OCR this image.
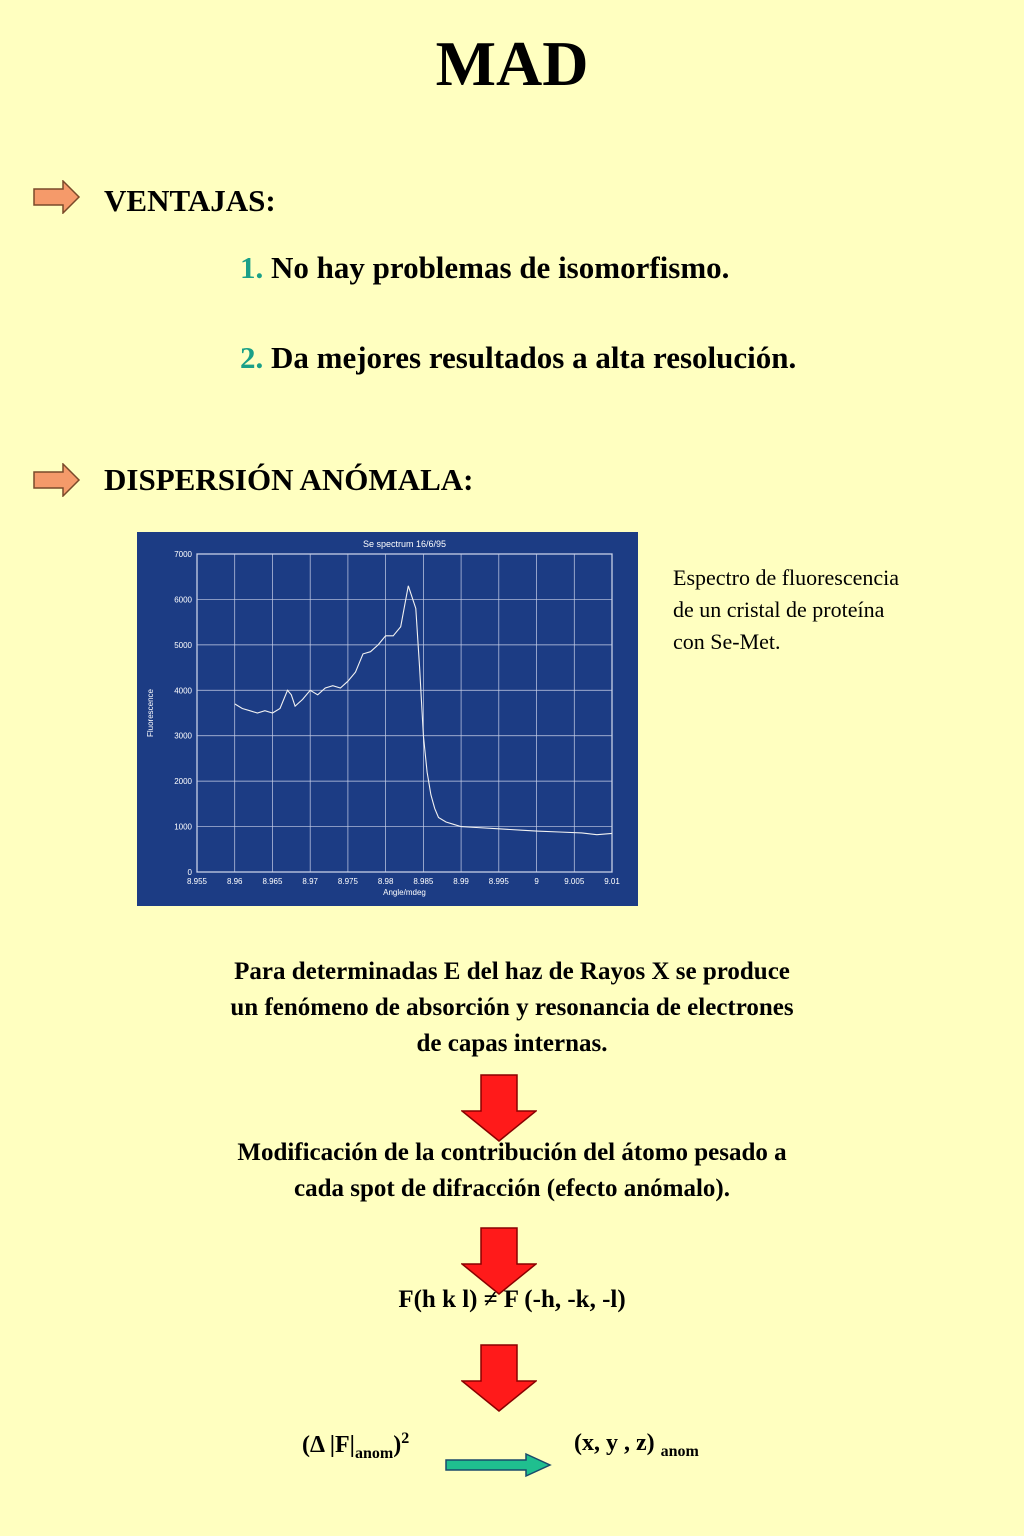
MAD
VENTAJAS:
1. No hay problemas de isomorfismo.
2. Da mejores resultados a alta resolución.
DISPERSIÓN ANÓMALA:
8.955 8.96 8.965 8.97 8.975 8.98 8.985 8.99 8.995	9	9.005 9.01
0
1000
2000
3000
4000
5000
6000
7000
Se spectrum 16/6/95
Angle/mdeg
Fluorescence
Espectro de fluorescencia
de un cristal de proteína
con Se-Met.
Para determinadas E del haz de Rayos X se produce
un fenómeno de absorción y resonancia de electrones
de capas internas.
Modificación de la contribución del átomo pesado a
cada spot de difracción (efecto anómalo).
F(h k l) ≠ F (-h, -k, -l)
(Δ $|F|_{anom})^2$	(x, y , z) $_{anom}$
